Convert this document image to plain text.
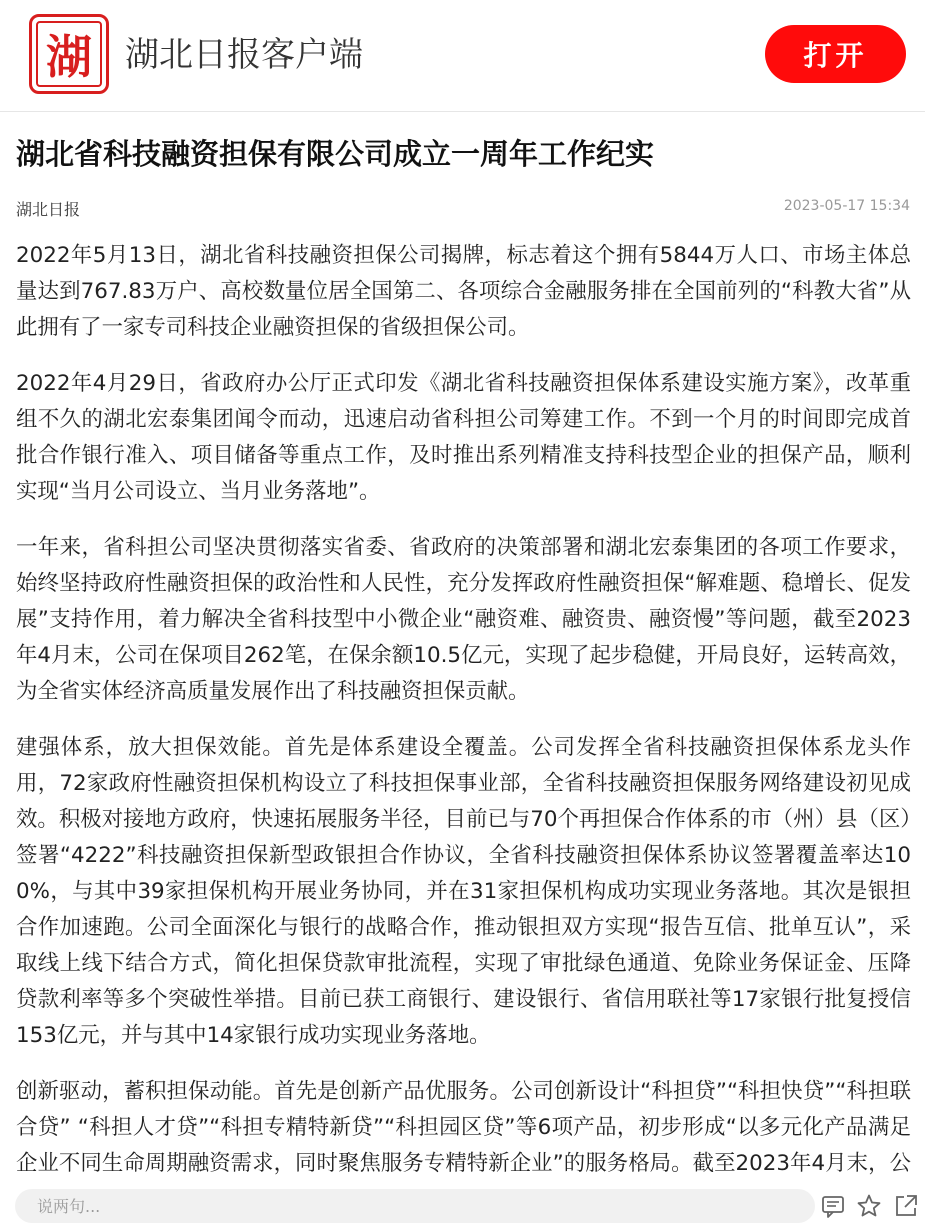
湖 湖北日报客户端	打开
湖北省科技融资担保有限公司成立一周年工作纪实
湖北日报	2023-05-17 15:34

2022年5月13日，湖北省科技融资担保公司揭牌，标志着这个拥有5844万人口、市场主体总量达到767.83万户、高校数量位居全国第二、各项综合金融服务排在全国前列的“科教大省”从此拥有了一家专司科技企业融资担保的省级担保公司。

2022年4月29日，省政府办公厅正式印发《湖北省科技融资担保体系建设实施方案》，改革重组不久的湖北宏泰集团闻令而动，迅速启动省科担公司筹建工作。不到一个月的时间即完成首批合作银行准入、项目储备等重点工作，及时推出系列精准支持科技型企业的担保产品，顺利实现“当月公司设立、当月业务落地”。

一年来，省科担公司坚决贯彻落实省委、省政府的决策部署和湖北宏泰集团的各项工作要求，始终坚持政府性融资担保的政治性和人民性，充分发挥政府性融资担保“解难题、稳增长、促发展”支持作用，着力解决全省科技型中小微企业“融资难、融资贵、融资慢”等问题，截至2023年4月末，公司在保项目262笔，在保余额10.5亿元，实现了起步稳健，开局良好，运转高效，为全省实体经济高质量发展作出了科技融资担保贡献。

建强体系，放大担保效能。首先是体系建设全覆盖。公司发挥全省科技融资担保体系龙头作用，72家政府性融资担保机构设立了科技担保事业部，全省科技融资担保服务网络建设初见成效。积极对接地方政府，快速拓展服务半径，目前已与70个再担保合作体系的市（州）县（区）签署“4222”科技融资担保新型政银担合作协议，全省科技融资担保体系协议签署覆盖率达100%，与其中39家担保机构开展业务协同，并在31家担保机构成功实现业务落地。其次是银担合作加速跑。公司全面深化与银行的战略合作，推动银担双方实现“报告互信、批单互认”，采取线上线下结合方式，简化担保贷款审批流程，实现了审批绿色通道、免除业务保证金、压降贷款利率等多个突破性举措。目前已获工商银行、建设银行、省信用联社等17家银行批复授信153亿元，并与其中14家银行成功实现业务落地。

创新驱动，蓄积担保动能。首先是创新产品优服务。公司创新设计“科担贷”“科担快贷”“科担联合贷” “科担人才贷”“科担专精特新贷”“科担园区贷”等6项产品，初步形成“以多元化产品满足企业不同生命周期融资需求，同时聚焦服务专精特新企业”的服务格局。截至2023年4月末，公

说两句...
